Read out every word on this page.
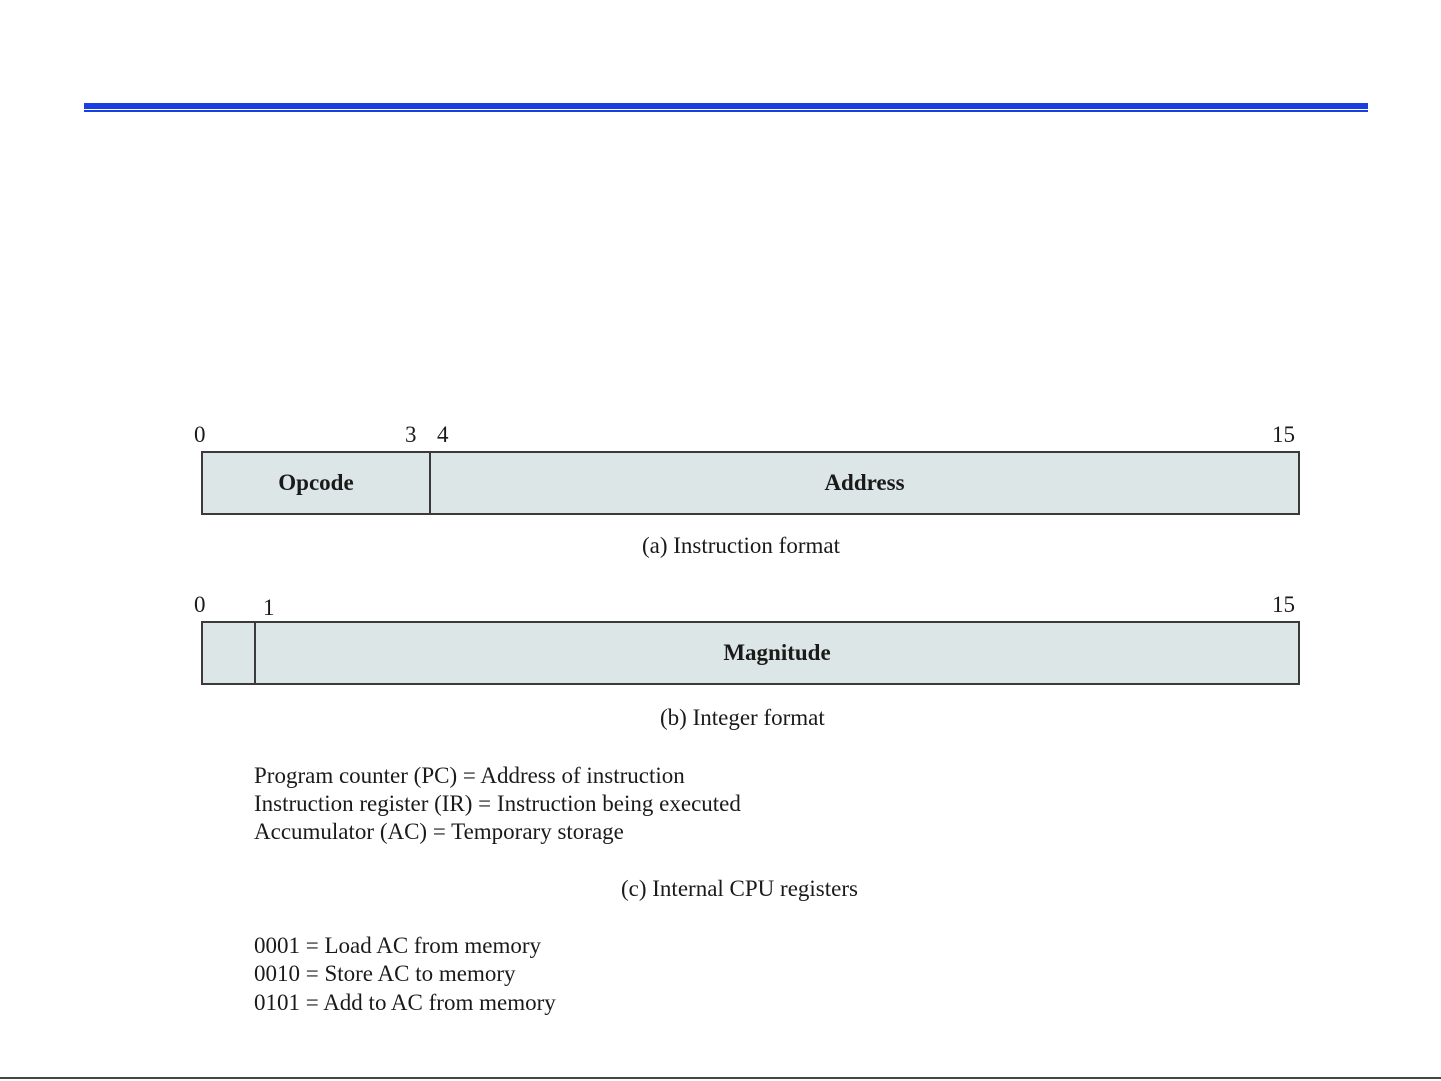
0	3 4	15
Opcode	Address
(a) Instruction format
0	1	15
Magnitude
(b) Integer format
Program counter (PC) = Address of instruction
Instruction register (IR) = Instruction being executed
Accumulator (AC) = Temporary storage
(c) Internal CPU registers
0001 = Load AC from memory
0010 = Store AC to memory
0101 = Add to AC from memory
